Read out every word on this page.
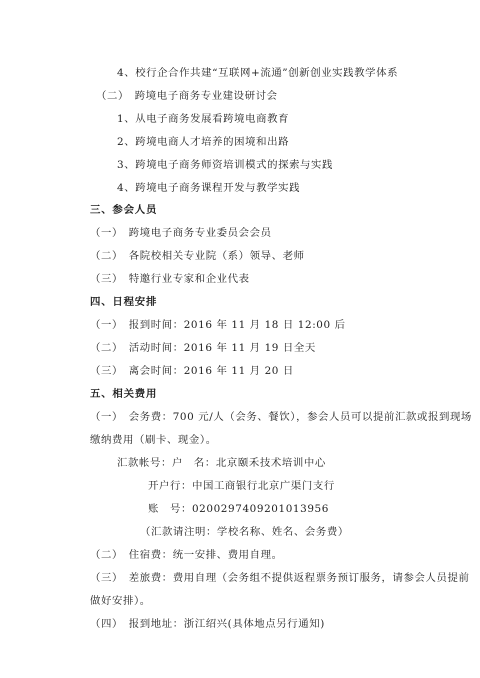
4、校行企合作共建“互联网+流通”创新创业实践教学体系
（二）　跨境电子商务专业建设研讨会
1、从电子商务发展看跨境电商教育
2、跨境电商人才培养的困境和出路
3、跨境电子商务师资培训模式的探索与实践
4、跨境电子商务课程开发与教学实践
三、参会人员
（一）　跨境电子商务专业委员会会员
（二）　各院校相关专业院（系）领导、老师
（三）　特邀行业专家和企业代表
四、日程安排
（一）　报到时间：2016 年 11 月 18 日 12:00 后
（二）　活动时间：2016 年 11 月 19 日全天
（三）　离会时间：2016 年 11 月 20 日
五、相关费用
（一）　会务费：700 元/人（会务、餐饮），参会人员可以提前汇款或报到现场
缴纳费用（刷卡、现金）。
汇款帐号：户　名：北京颐禾技术培训中心
开户行：中国工商银行北京广渠门支行
账　号：0200297409201013956
（汇款请注明：学校名称、姓名、会务费）
（二）　住宿费：统一安排、费用自理。
（三）　差旅费：费用自理（会务组不提供返程票务预订服务，请参会人员提前
做好安排）。
（四）　报到地址：浙江绍兴(具体地点另行通知)
